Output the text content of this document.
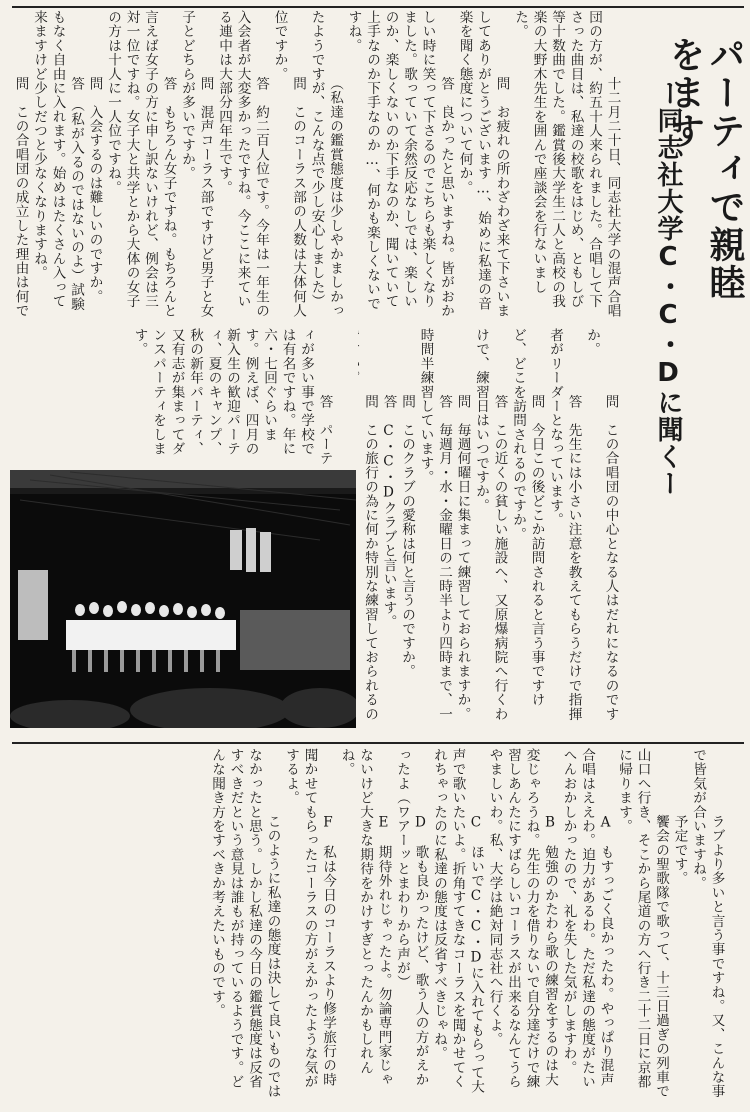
パーティで親睦をます
ー同志社大学C・C・Dに聞くー

十二月二十日、同志社大学の混声合唱団の方が、約五十人来られました。合唱して下さった曲目は、私達の校歌をはじめ、ともしび等十数曲でした。鑑賞後大学生二人と高校の我楽の大野木先生を囲んで座談会を行ないました。
問　お疲れの所わざわざ来て下さいましてありがとうございます…、始めに私達の音楽を聞く態度について何か。
答　良かったと思いますね。皆がおかしい時に笑って下さるのでこちらも楽しくなりました。歌っていて余然反応なしでは、楽しいのか、楽しくないのか下手なのか、聞いていて上手なのか下手なのか…、何かも楽しくないですね。
（私達の鑑賞態度は少しやかましかったようですが、こんな点で少し安心しました）
問　このコーラス部の人数は大体何人位ですか。
答　約二百人位です。今年は一年生の入会者が大変多かったですね。今ここに来ている連中は大部分四年生です。
問　混声コーラス部ですけど男子と女子とどちらが多いですか。
答　もちろん女子ですね。もちろんと言えば女子の方に申し訳ないけれど、例会は三対一位ですね。女子大と共学とから大体の女子の方は十人に一人位ですね。
問　入会するのは難しいのですか。
答　（私が入るのではないのよ）試験もなく自由に入れます。始めはたくさん入って来ますけど少しだつと少なくなりますね。
問　この合唱団の成立した理由は何で

問　この合唱団の中心となる人はだれになるのですか。
答　先生には小さい注意を教えてもらうだけで指揮者がリーダーとなっています。
問　今日この後どこか訪問されると言う事ですけど、どこを訪問されるのですか。
答　この近くの貧しい施設へ、又原爆病院へ行くわけで、練習日はいつですか。
問　毎週何曜日に集まって練習しておられますか。
答　毎週月・水・金曜日の二時半より四時まで、一時間半練習しています。
問　このクラブの愛称は何と言うのですか。
答　C・C・Dクラブと言います。
問　この旅行の為に何か特別な練習しておられるの

答　パーティが多い事で学校では有名ですね。年に六・七回ぐらいます。例えば、四月の新入生の歓迎パーティ、夏のキャンプ、秋の新年パーティ、又有志が集まってダンスパーティをします。

ラブより多いと言う事ですね。又、こんな事で皆気が合いますね。
予定です。
饗会の聖歌隊で歌って、十三日過ぎの列車で山口へ行き、そこから尾道の方へ行き二十二日に京都に帰ります。
A　もすっごく良かったわ。やっぱり混声合唱はええわ。迫力があるわ。ただ私達の態度がたいへんおかしかったので、礼を失した気がしますわ。
B　勉強のかたわら歌の練習をするのは大変じゃろうね。先生の力を借りないで自分達だけで練習しあんたにすばらしいコーラスが出来るなんてうらやましいわ。私、大学は絶対同志社へ行くよ。
C　ほいでC・C・Dに入れてもらって大声で歌いたいよ。折角すてきなコーラスを聞かせてくれちゃったのに私達の態度は反省すべきじゃね。
D　歌も良かったけど、歌う人の方がえかったよ（ワアーッとまわりから声が）
E　期待外れじゃったよ。勿論専門家じゃないけど大きな期待をかけすぎとったんかもしれんね。
F　私は今日のコーラスより修学旅行の時聞かせてもらったコーラスの方がえかったような気がするよ。
このように私達の態度は決して良いものではなかったと思う。しかし私達の今日の鑑賞態度は反省すべきだという意見は誰もが持っているようです。どんな聞き方をすべきか考えたいものです。
